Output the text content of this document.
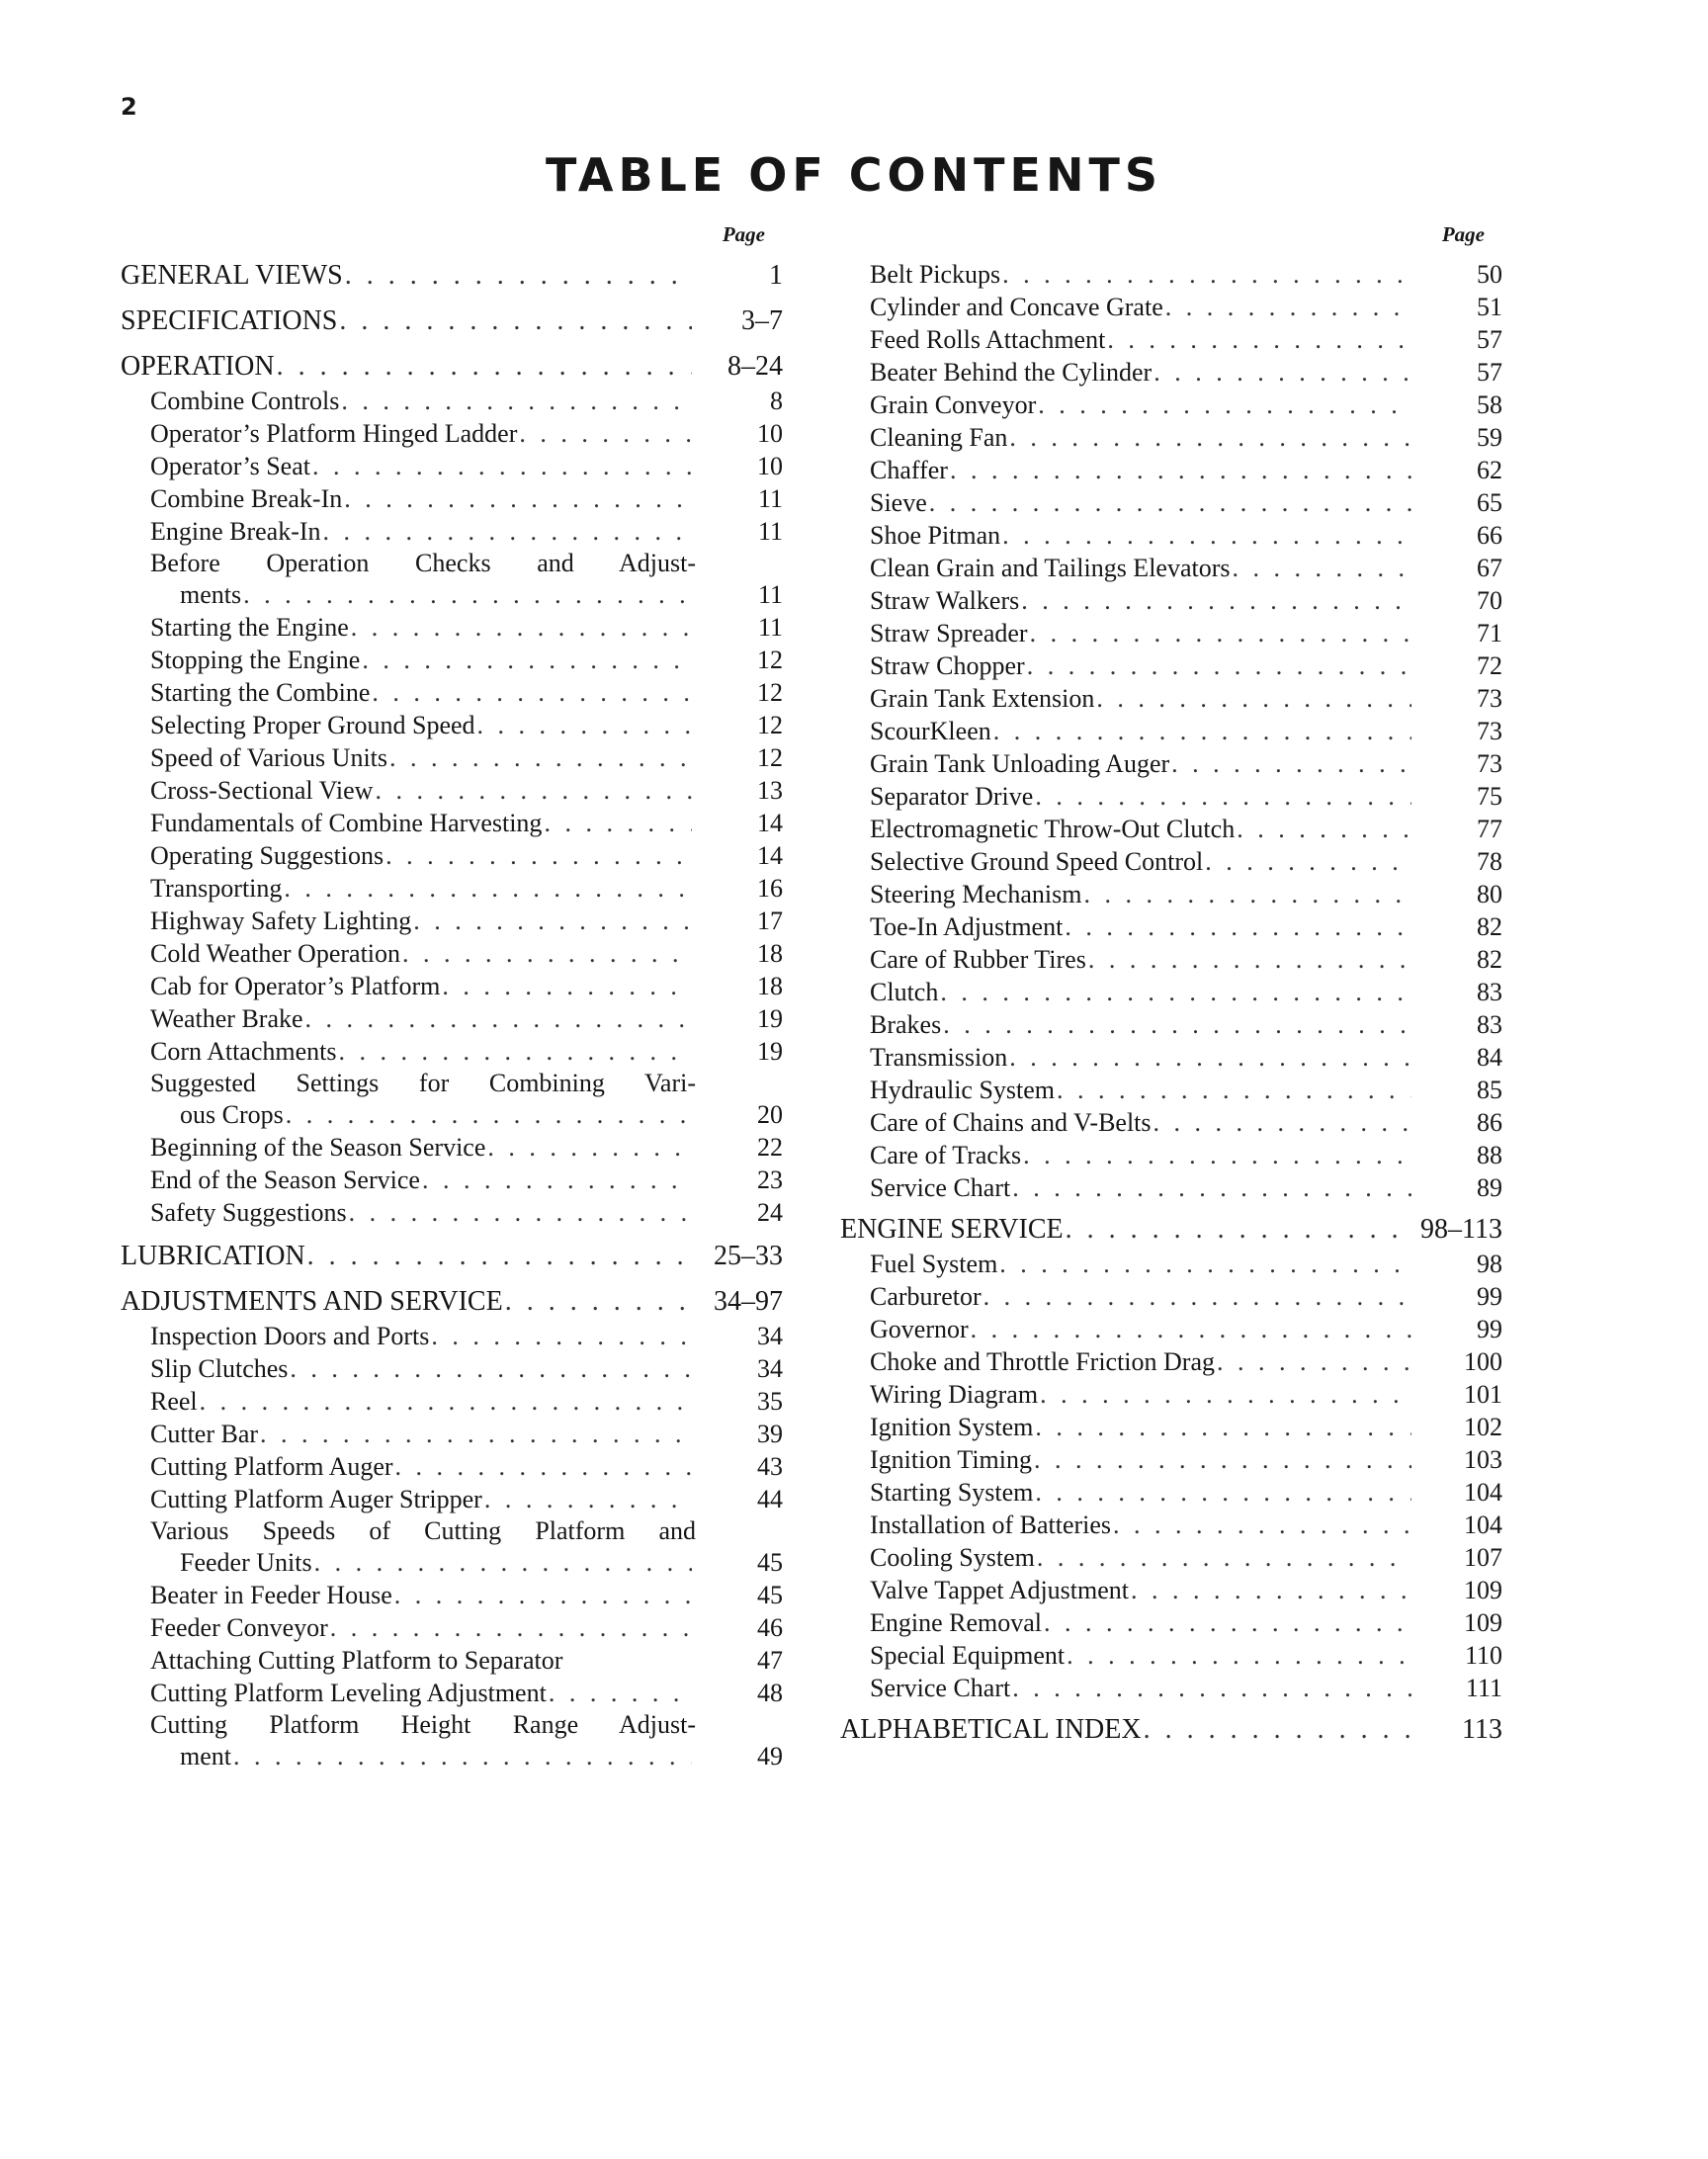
2
TABLE OF CONTENTS
Page
GENERAL VIEWS . . .	1
SPECIFICATIONS . . .	3–7
OPERATION . . .	8–24
Combine Controls . . .	8
Operator’s Platform Hinged Ladder . . .	10
Operator’s Seat . . .	10
Combine Break-In . . .	11
Engine Break-In . . .	11
Before Operation Checks and Adjust-
ments . . .	11
Starting the Engine . . .	11
Stopping the Engine . . .	12
Starting the Combine . . .	12
Selecting Proper Ground Speed . . .	12
Speed of Various Units . . .	12
Cross-Sectional View . . .	13
Fundamentals of Combine Harvesting . . .	14
Operating Suggestions . . .	14
Transporting . . .	16
Highway Safety Lighting . . .	17
Cold Weather Operation . . .	18
Cab for Operator’s Platform . . .	18
Weather Brake . . .	19
Corn Attachments . . .	19
Suggested Settings for Combining Vari-
ous Crops . . .	20
Beginning of the Season Service . . .	22
End of the Season Service . . .	23
Safety Suggestions . . .	24
LUBRICATION . . .	25–33
ADJUSTMENTS AND SERVICE . . .	34–97
Inspection Doors and Ports . . .	34
Slip Clutches . . .	34
Reel . . .	35
Cutter Bar . . .	39
Cutting Platform Auger . . .	43
Cutting Platform Auger Stripper . . .	44
Various Speeds of Cutting Platform and
Feeder Units . . .	45
Beater in Feeder House . . .	45
Feeder Conveyor . . .	46
Attaching Cutting Platform to Separator	47
Cutting Platform Leveling Adjustment . . .	48
Cutting Platform Height Range Adjust-
ment . . .	49
Page
Belt Pickups . . .	50
Cylinder and Concave Grate . . .	51
Feed Rolls Attachment . . .	57
Beater Behind the Cylinder . . .	57
Grain Conveyor . . .	58
Cleaning Fan . . .	59
Chaffer . . .	62
Sieve . . .	65
Shoe Pitman . . .	66
Clean Grain and Tailings Elevators . . .	67
Straw Walkers . . .	70
Straw Spreader . . .	71
Straw Chopper . . .	72
Grain Tank Extension . . .	73
ScourKleen . . .	73
Grain Tank Unloading Auger . . .	73
Separator Drive . . .	75
Electromagnetic Throw-Out Clutch . . .	77
Selective Ground Speed Control . . .	78
Steering Mechanism . . .	80
Toe-In Adjustment . . .	82
Care of Rubber Tires . . .	82
Clutch . . .	83
Brakes . . .	83
Transmission . . .	84
Hydraulic System . . .	85
Care of Chains and V-Belts . . .	86
Care of Tracks . . .	88
Service Chart . . .	89
ENGINE SERVICE . . .	98–113
Fuel System . . .	98
Carburetor . . .	99
Governor . . .	99
Choke and Throttle Friction Drag . . .	100
Wiring Diagram . . .	101
Ignition System . . .	102
Ignition Timing . . .	103
Starting System . . .	104
Installation of Batteries . . .	104
Cooling System . . .	107
Valve Tappet Adjustment . . .	109
Engine Removal . . .	109
Special Equipment . . .	110
Service Chart . . .	111
ALPHABETICAL INDEX . . .	113
